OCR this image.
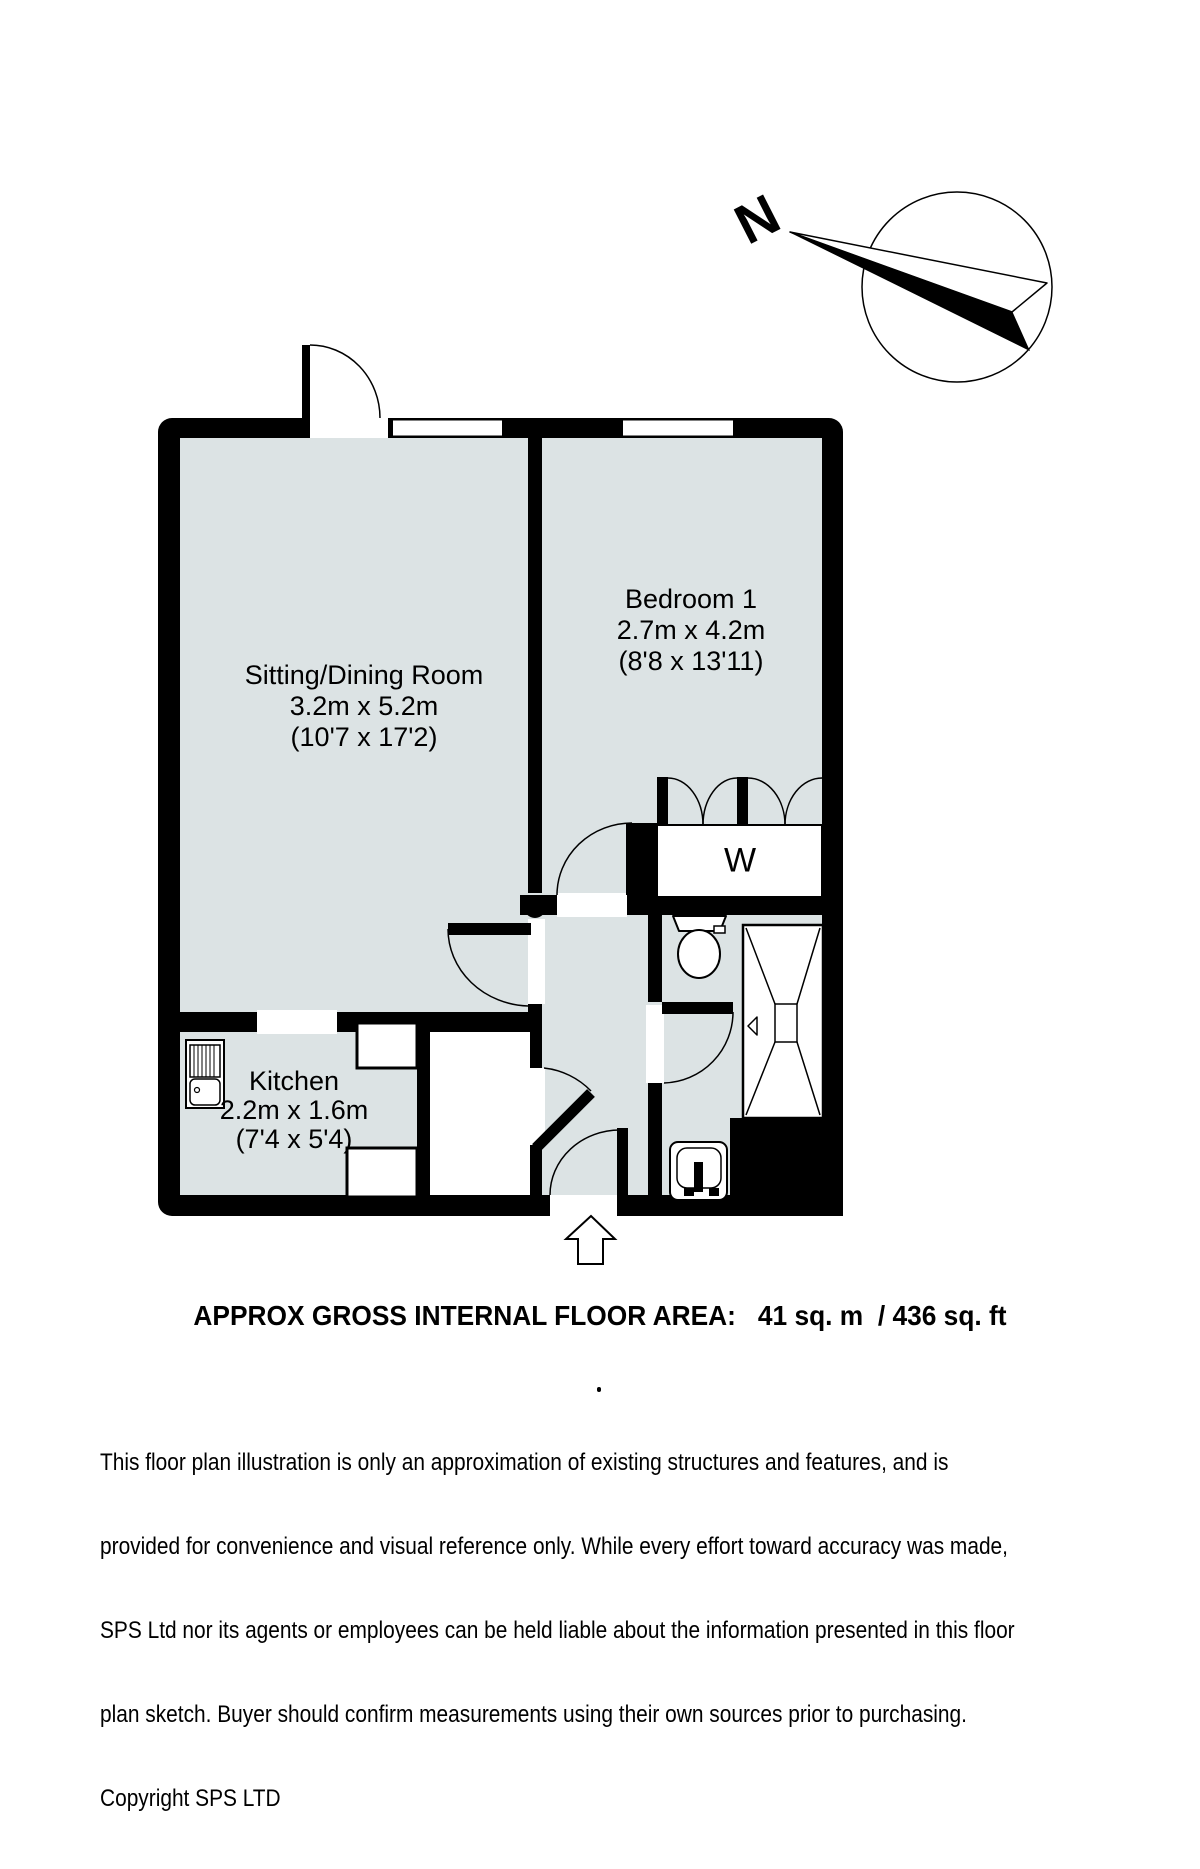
N
Sitting/Dining Room
3.2m x 5.2m
(10'7 x 17'2)
Bedroom 1
2.7m x 4.2m
(8'8 x 13'11)
Kitchen
2.2m x 1.6m
(7'4 x 5'4)
W
APPROX GROSS INTERNAL FLOOR AREA:   41 sq. m  / 436 sq. ft

This floor plan illustration is only an approximation of existing structures and features, and is

provided for convenience and visual reference only. While every effort toward accuracy was made,

SPS Ltd nor its agents or employees can be held liable about the information presented in this floor

plan sketch. Buyer should confirm measurements using their own sources prior to purchasing.

Copyright SPS LTD
